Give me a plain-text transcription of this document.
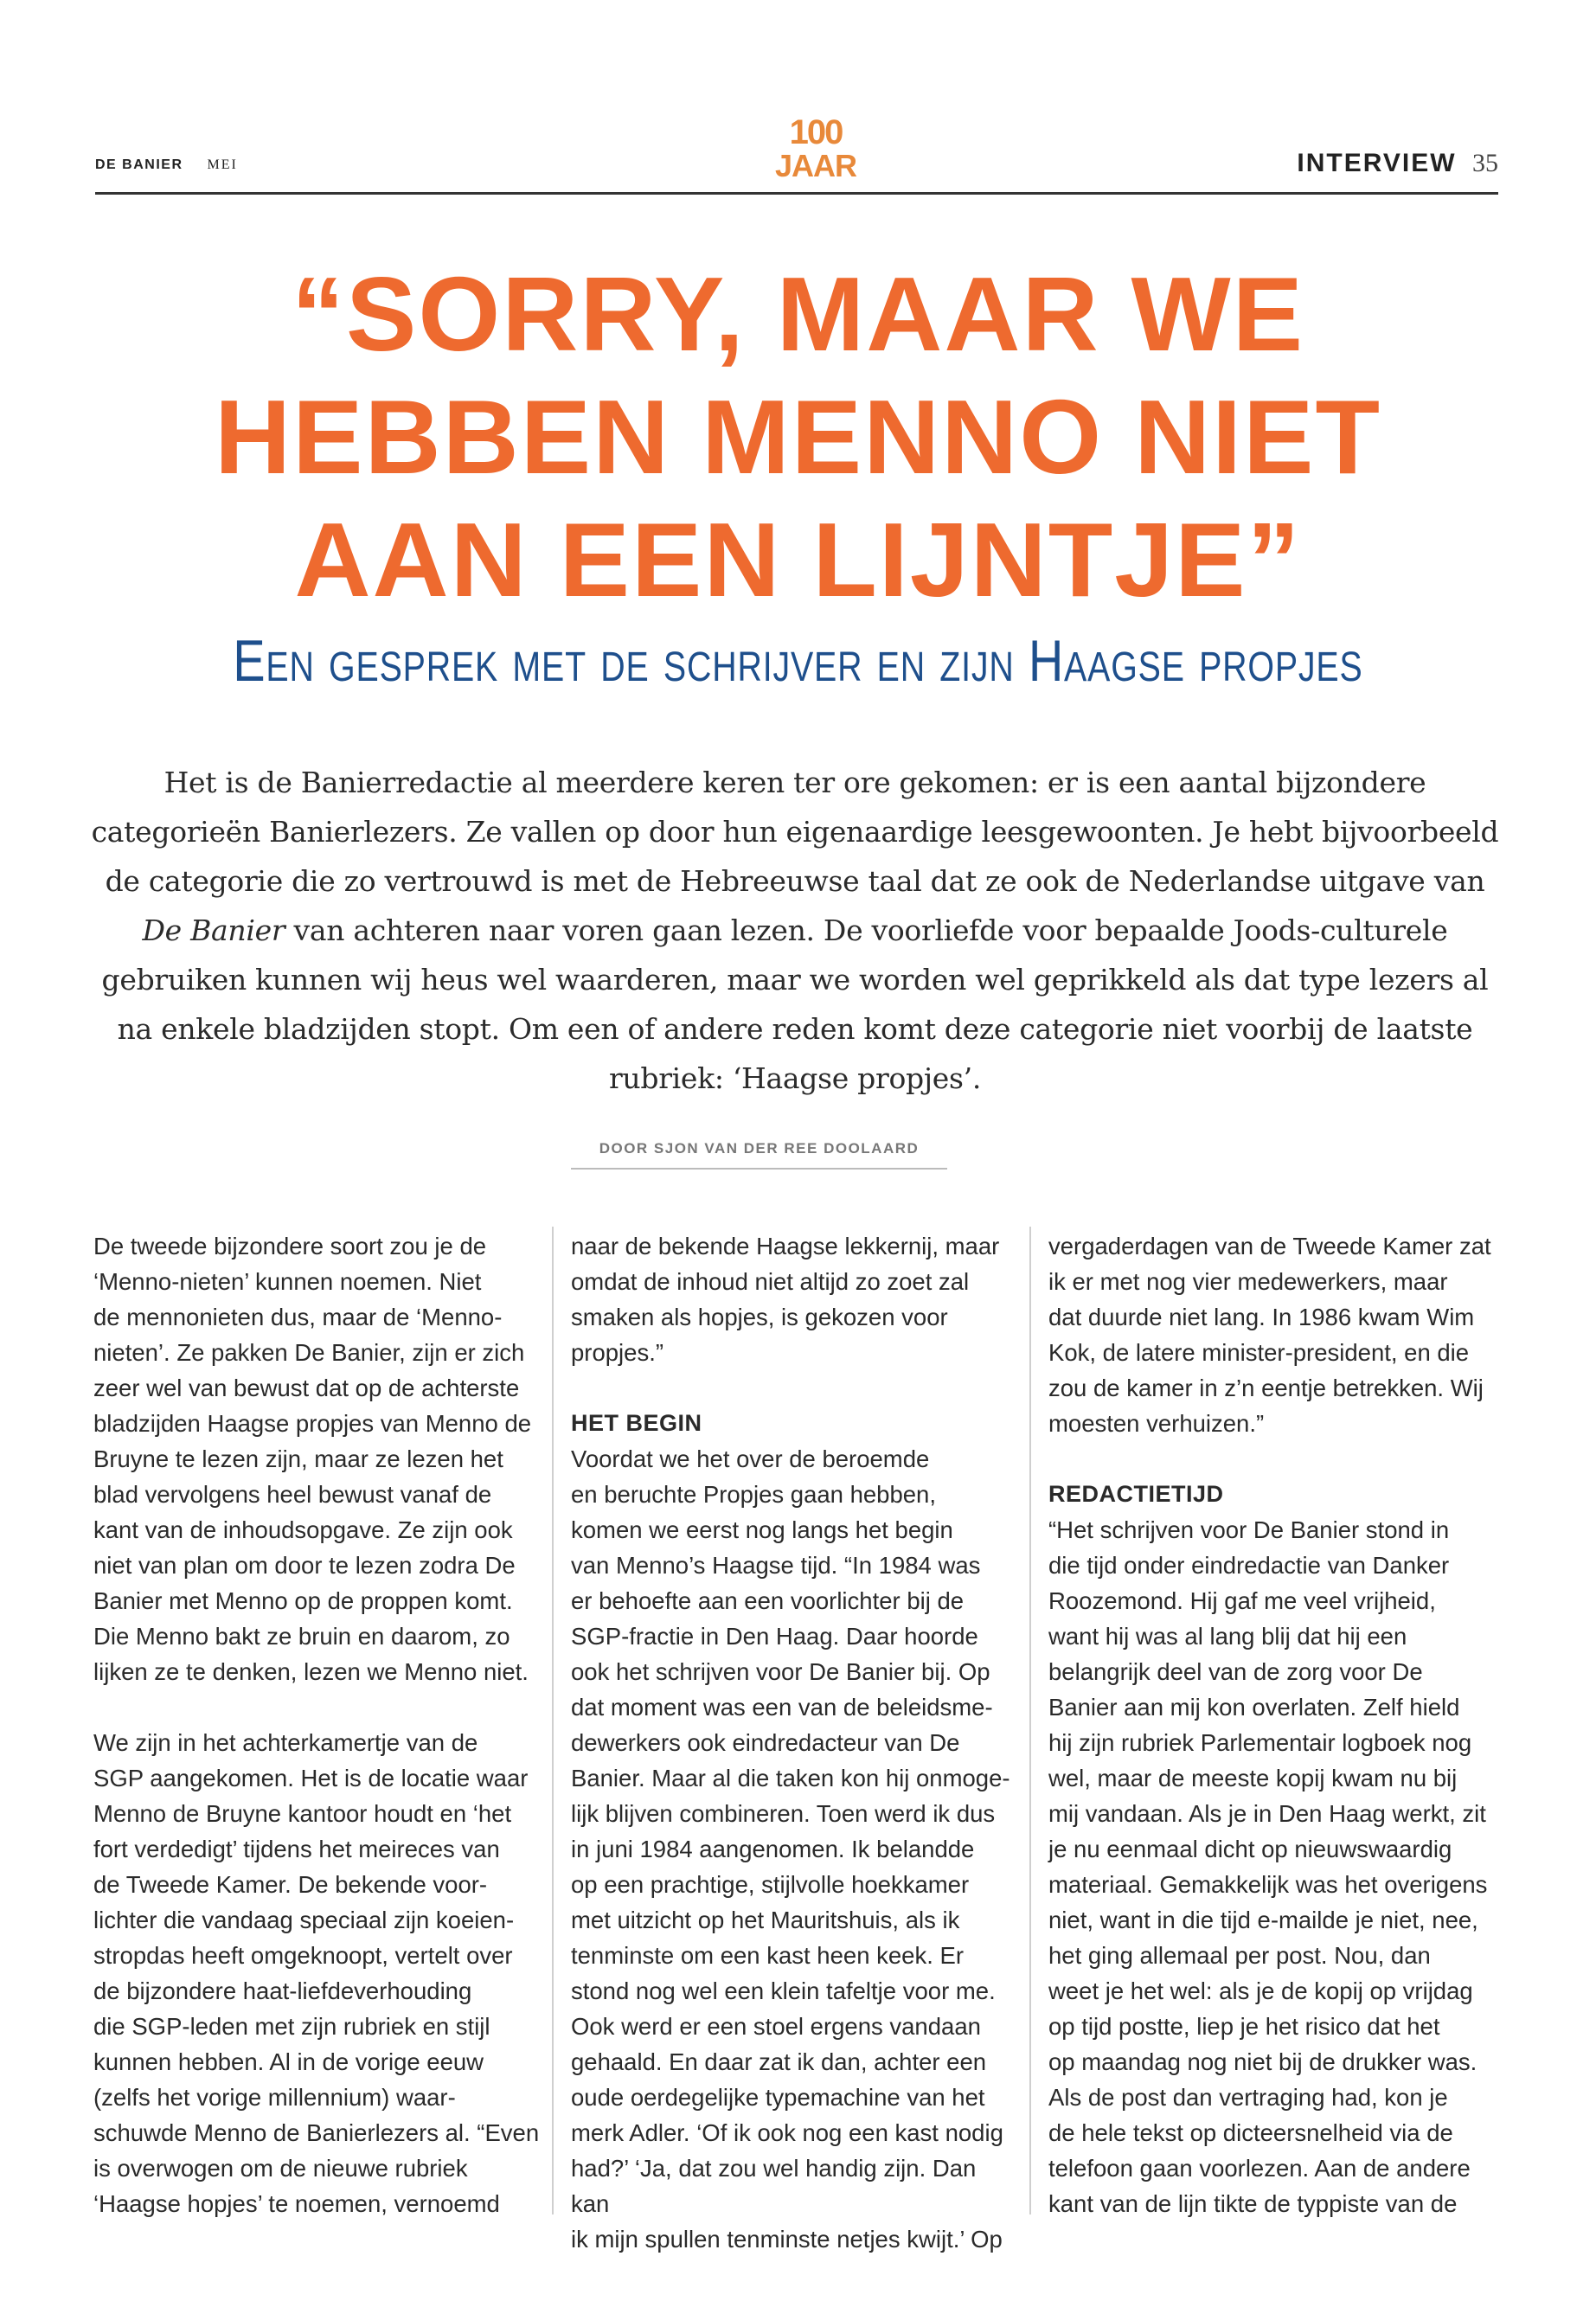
DE BANIER MEI
100
JAAR	INTERVIEW 35
“SORRY, MAAR WE
HEBBEN MENNO NIET
AAN EEN LIJNTJE”
Een gesprek met de schrijver en zijn Haagse propjes
Het is de Banierredactie al meerdere keren ter ore gekomen: er is een aantal bijzondere categorieën Banierlezers. Ze vallen op door hun eigenaardige leesgewoonten. Je hebt bijvoorbeeld de categorie die zo vertrouwd is met de Hebreeuwse taal dat ze ook de Nederlandse uitgave van De Banier van achteren naar voren gaan lezen. De voorliefde voor bepaalde Joods-culturele gebruiken kunnen wij heus wel waarderen, maar we worden wel geprikkeld als dat type lezers al na enkele bladzijden stopt. Om een of andere reden komt deze categorie niet voorbij de laatste rubriek: ‘Haagse propjes’.
DOOR SJON VAN DER REE DOOLAARD

De tweede bijzondere soort zou je de
‘Menno-nieten’ kunnen noemen. Niet
de mennonieten dus, maar de ‘Menno-
nieten’. Ze pakken De Banier, zijn er zich
zeer wel van bewust dat op de achterste
bladzijden Haagse propjes van Menno de
Bruyne te lezen zijn, maar ze lezen het
blad vervolgens heel bewust vanaf de
kant van de inhoudsopgave. Ze zijn ook
niet van plan om door te lezen zodra De
Banier met Menno op de proppen komt.
Die Menno bakt ze bruin en daarom, zo
lijken ze te denken, lezen we Menno niet.

We zijn in het achterkamertje van de
SGP aangekomen. Het is de locatie waar
Menno de Bruyne kantoor houdt en ‘het
fort verdedigt’ tijdens het meireces van
de Tweede Kamer. De bekende voor-
lichter die vandaag speciaal zijn koeien-
stropdas heeft omgeknoopt, vertelt over
de bijzondere haat-liefdeverhouding
die SGP-leden met zijn rubriek en stijl
kunnen hebben. Al in de vorige eeuw
(zelfs het vorige millennium) waar-
schuwde Menno de Banierlezers al. “Even
is overwogen om de nieuwe rubriek
‘Haagse hopjes’ te noemen, vernoemd

naar de bekende Haagse lekkernij, maar
omdat de inhoud niet altijd zo zoet zal
smaken als hopjes, is gekozen voor
propjes.”

HET BEGIN

Voordat we het over de beroemde
en beruchte Propjes gaan hebben,
komen we eerst nog langs het begin
van Menno’s Haagse tijd. “In 1984 was
er behoefte aan een voorlichter bij de
SGP-fractie in Den Haag. Daar hoorde
ook het schrijven voor De Banier bij. Op
dat moment was een van de beleidsme-
dewerkers ook eindredacteur van De
Banier. Maar al die taken kon hij onmoge-
lijk blijven combineren. Toen werd ik dus
in juni 1984 aangenomen. Ik belandde
op een prachtige, stijlvolle hoekkamer
met uitzicht op het Mauritshuis, als ik
tenminste om een kast heen keek. Er
stond nog wel een klein tafeltje voor me.
Ook werd er een stoel ergens vandaan
gehaald. En daar zat ik dan, achter een
oude oerdegelijke typemachine van het
merk Adler. ‘Of ik ook nog een kast nodig
had?’ ‘Ja, dat zou wel handig zijn. Dan kan
ik mijn spullen tenminste netjes kwijt.’ Op

vergaderdagen van de Tweede Kamer zat
ik er met nog vier medewerkers, maar
dat duurde niet lang. In 1986 kwam Wim
Kok, de latere minister-president, en die
zou de kamer in z’n eentje betrekken. Wij
moesten verhuizen.”

REDACTIETIJD

“Het schrijven voor De Banier stond in
die tijd onder eindredactie van Danker
Roozemond. Hij gaf me veel vrijheid,
want hij was al lang blij dat hij een
belangrijk deel van de zorg voor De
Banier aan mij kon overlaten. Zelf hield
hij zijn rubriek Parlementair logboek nog
wel, maar de meeste kopij kwam nu bij
mij vandaan. Als je in Den Haag werkt, zit
je nu eenmaal dicht op nieuwswaardig
materiaal. Gemakkelijk was het overigens
niet, want in die tijd e-mailde je niet, nee,
het ging allemaal per post. Nou, dan
weet je het wel: als je de kopij op vrijdag
op tijd postte, liep je het risico dat het
op maandag nog niet bij de drukker was.
Als de post dan vertraging had, kon je
de hele tekst op dicteersnelheid via de
telefoon gaan voorlezen. Aan de andere
kant van de lijn tikte de typpiste van de
